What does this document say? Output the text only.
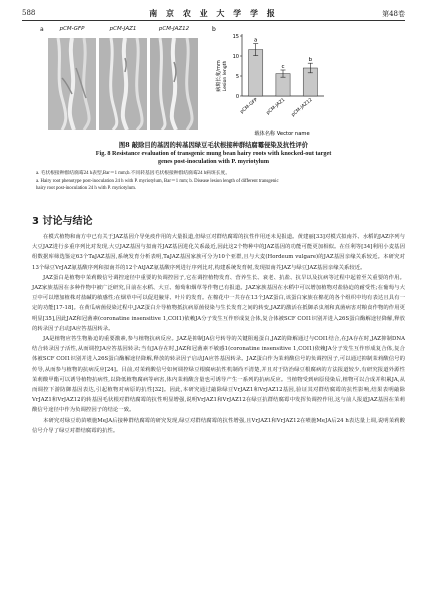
588	南 京 农 业 大 学 学 报	第48卷
a	pCM-GFP	pCM-JAZ1	pCM-JAZ12	b
病斑长度/mm Lesion length
载体名称 Vector name
0
5
10
15
a
pCM-GFP
c
pCM-JAZ1
b
pCM-JAZ12
图8 敲除目的基因的转基因绿豆毛状根接种群结腐霉侵染及抗性评价
Fig. 8 Resistance evaluation of transgenic mung bean hairy roots with knocked-out target
genes post-inoculation with P. myriotylum
a. 毛状根接种群结腐霉24 h表型,Bar＝1 mm;b.不同转基因毛状根接种群结腐霉24 h病斑长度。
a. Hairy root phenotype post-inoculation 24 h with P. myriotylum, Bar＝1 mm; b. Disease lesion length of different transgenic
hairy root post-inoculation 24 h with P. myriotylum.
3 讨论与结论

在模式植物和南方中已有关于JAZ基因介导免疫作用的大量报道,但绿豆对群结腐霉的抗性作用还未见报道。黄建丽[33]对模式拟南芥、水稻的JAZ序列与大豆JAZ进行多重序列比对发现,大豆JAZ基因与拟南芥JAZ基因进化关系最近,因此这2个物种中的JAZ基因的功能可能更加相似。在任利等[34]利用小麦基因组数据库筛选鉴定63个TaJAZ基因,系统发育分析表明,TaJAZ基因家族可分为10个亚群,且与大麦(Hordeum vulgare)的JAZ基因亲缘关系较近。本研究对13个绿豆VrJAZ氨基酸序列和拟南芥的12个AtJAZ氨基酸序列进行序列比对,构建系统发育树,发现拟南芥JAZ与绿豆JAZ基因亲缘关系较近。

JAZ蛋白是植物中茉莉酸信号调控途径中重要的负调控因子,它在调控植物发育、营养生长、衰老、抗盐、抗旱以及抗病等过程中起着至关重要的作用。JAZ家族基因在多种作物中被广泛研究,目前在水稻、大豆、葡萄和烟草等作物已有报道。JAZ家族基因在水稻中可以增加植物对盐胁迫的耐受性;在葡萄与大豆中可以增加植株对盐碱的敏感性;在烟草中可以促进腋芽、叶片的发育。在棉花中一共存在13个JAZ蛋白,该蛋白家族在棉花的各个组织中均有表达且具有一定的功能[17-18]。在黄瓜病菌侵染过程中,JAZ蛋白介导植物抵抗病原菌侵染与生长发育之间的转变,JAZ的激活在抵御杀虫剂和真菌病害对粮食作物的作用更明显[35],因此JAZ和冠菌素(coronatine insensitive 1,COI1)依赖JA分子发生互作形成复合体,复合体被SCF COI1识别并进入26S蛋白酶解途径降解,释放的转录因子启动JA应答基因转录。

JA是植物应答生物胁迫的重要激素,参与植物抗病反应。JAZ是抑制JA信号转导的关键阻遏蛋白,JAZ的降解通过与COI1结合,在JA存在时,JAZ抑制DNA结合转录因子活性,从而调控JA应答基因转录;当有JA存在时,JAZ和冠菌素不敏感1(coronatine insensitive 1,COI1)依赖JA分子发生互作形成复合体,复合体被SCF COI1识别并进入26S蛋白酶解途径降解,释放的转录因子启动JA应答基因转录。JAZ蛋白作为茉莉酸信号的负调控因子,可以通过抑制茉莉酸信号的传导,从而参与植物的抗病反应[24]。目前,对茉莉酸信号如何调控绿豆根腐病抗性机制尚不清楚,并且对于防治绿豆根腐病的方法报道较少,有研究报道外源性茉莉酸甲酯可以诱导植物抗病性,以降低植物腐病等病害,体内茉莉酸含量也可诱导产生一系列的抗病反应。当植物受到病原侵染后,植物可以合成并积累JA,从而调控下游防御基因表达,引起植物对病原的抗性[32]。因此,本研究通过敲除绿豆VrJAZ1和VrJAZ12基因,验证其对群结腐霉的抗性影响,结果表明敲除VrJAZ1和VrJAZ12的转基因毛状根对群结腐霉的抗性明显增强,说明VrJAZ1和VrJAZ12在绿豆抗群结腐霉中发挥负调控作用,这与前人报道JAZ基因在茉莉酸信号途径中作为负调控因子的结论一致。

本研究对绿豆幼苗喷施MeJA后接种群结腐霉的研究发现,绿豆对群结腐霉的抗性增强,且VrJAZ1和VrJAZ12在喷施MeJA后24 h表达量上调,说明茉莉酸信号介导了绿豆对群结腐霉的抗性。
